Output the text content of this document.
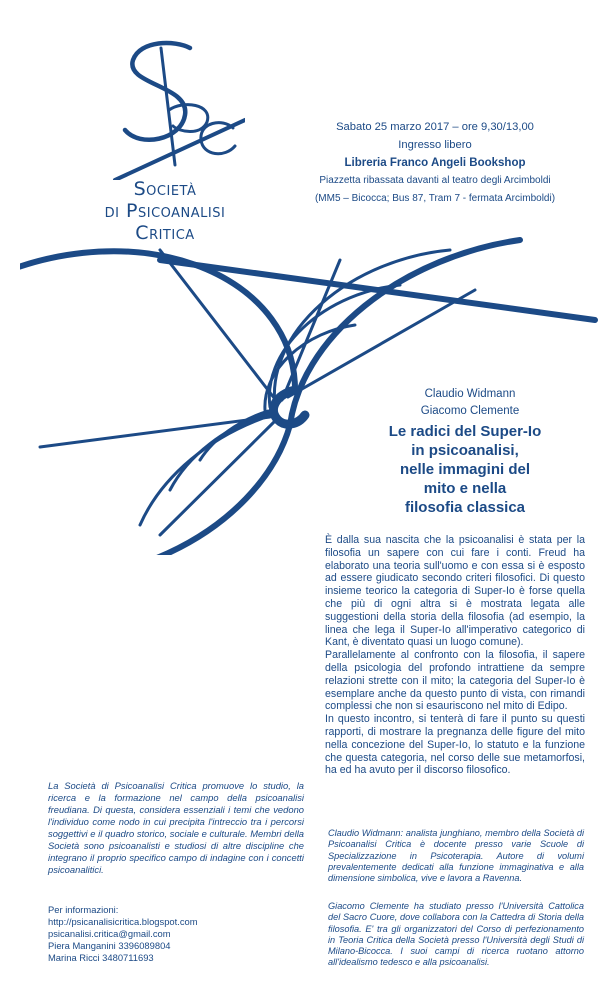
Società
di Psicoanalisi
Critica
Sabato 25 marzo 2017 – ore 9,30/13,00
Ingresso libero
Libreria Franco Angeli Bookshop
Piazzetta ribassata davanti al teatro degli Arcimboldi
(MM5 – Bicocca; Bus 87, Tram 7 - fermata Arcimboldi)
Claudio Widmann
Giacomo Clemente
Le radici del Super-Io
in psicoanalisi,
nelle immagini del
mito e nella
filosofia classica

È dalla sua nascita che la psicoanalisi è stata per la filosofia un sapere con cui fare i conti. Freud ha elaborato una teoria sull'uomo e con essa si è esposto ad essere giudicato secondo criteri filosofici. Di questo insieme teorico la categoria di Super-Io è forse quella che più di ogni altra si è mostrata legata alle suggestioni della storia della filosofia (ad esempio, la linea che lega il Super-Io all'imperativo categorico di Kant, è diventato quasi un luogo comune).

Parallelamente al confronto con la filosofia, il sapere della psicologia del profondo intrattiene da sempre relazioni strette con il mito; la categoria del Super-Io è esemplare anche da questo punto di vista, con rimandi complessi che non si esauriscono nel mito di Edipo.

In questo incontro, si tenterà di fare il punto su questi rapporti, di mostrare la pregnanza delle figure del mito nella concezione del Super-Io, lo statuto e la funzione che questa categoria, nel corso delle sue metamorfosi, ha ed ha avuto per il discorso filosofico.

Claudio Widmann: analista junghiano, membro della Società di Psicoanalisi Critica è docente presso varie Scuole di Specializzazione in Psicoterapia. Autore di volumi prevalentemente dedicati alla funzione immaginativa e alla dimensione simbolica, vive e lavora a Ravenna.
Giacomo Clemente ha studiato presso l'Università Cattolica del Sacro Cuore, dove collabora con la Cattedra di Storia della filosofia. E' tra gli organizzatori del Corso di perfezionamento in Teoria Critica della Società presso l'Università degli Studi di Milano-Bicocca. I suoi campi di ricerca ruotano attorno all'idealismo tedesco e alla psicoanalisi.
La Società di Psicoanalisi Critica promuove lo studio, la ricerca e la formazione nel campo della psicoanalisi freudiana. Di questa, considera essenziali i temi che vedono l'individuo come nodo in cui precipita l'intreccio tra i percorsi soggettivi e il quadro storico, sociale e culturale. Membri della Società sono psicoanalisti e studiosi di altre discipline che integrano il proprio specifico campo di indagine con i concetti psicoanalitici.
Per informazioni:
http://psicanalisicritica.blogspot.com
psicanalisi.critica@gmail.com
Piera Manganini 3396089804
Marina Ricci 3480711693
